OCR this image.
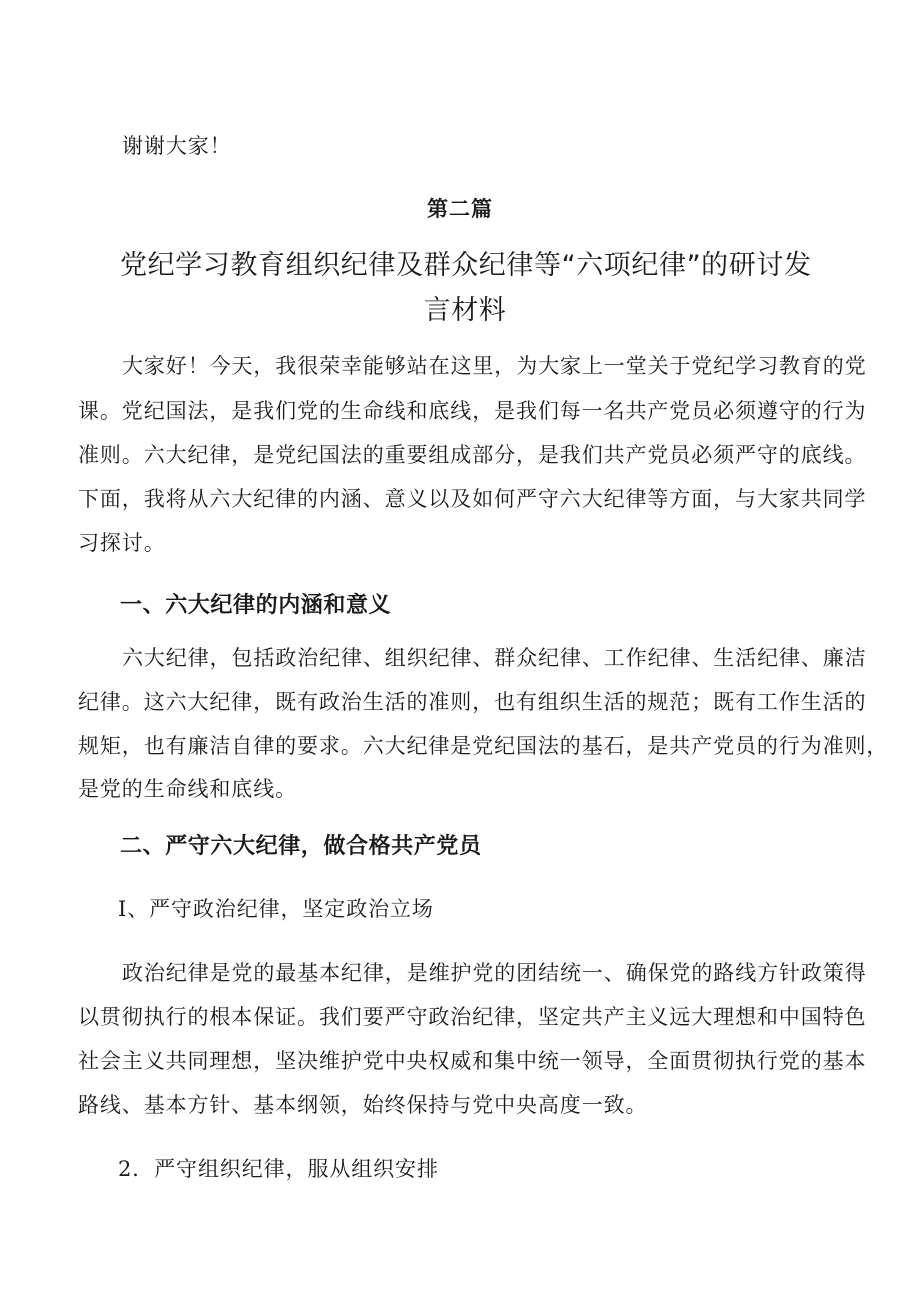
谢谢大家！

第二篇
党纪学习教育组织纪律及群众纪律等“六项纪律”的研讨发
言材料

大家好！今天，我很荣幸能够站在这里，为大家上一堂关于党纪学习教育的党

课。党纪国法，是我们党的生命线和底线，是我们每一名共产党员必须遵守的行为

准则。六大纪律，是党纪国法的重要组成部分，是我们共产党员必须严守的底线。

下面，我将从六大纪律的内涵、意义以及如何严守六大纪律等方面，与大家共同学

习探讨。

一、六大纪律的内涵和意义

六大纪律，包括政治纪律、组织纪律、群众纪律、工作纪律、生活纪律、廉洁

纪律。这六大纪律，既有政治生活的准则，也有组织生活的规范；既有工作生活的

规矩，也有廉洁自律的要求。六大纪律是党纪国法的基石，是共产党员的行为准则，

是党的生命线和底线。

二、严守六大纪律，做合格共产党员

Ⅰ、严守政治纪律，坚定政治立场

政治纪律是党的最基本纪律，是维护党的团结统一、确保党的路线方针政策得

以贯彻执行的根本保证。我们要严守政治纪律，坚定共产主义远大理想和中国特色

社会主义共同理想，坚决维护党中央权威和集中统一领导，全面贯彻执行党的基本

路线、基本方针、基本纲领，始终保持与党中央高度一致。

2．严守组织纪律，服从组织安排
